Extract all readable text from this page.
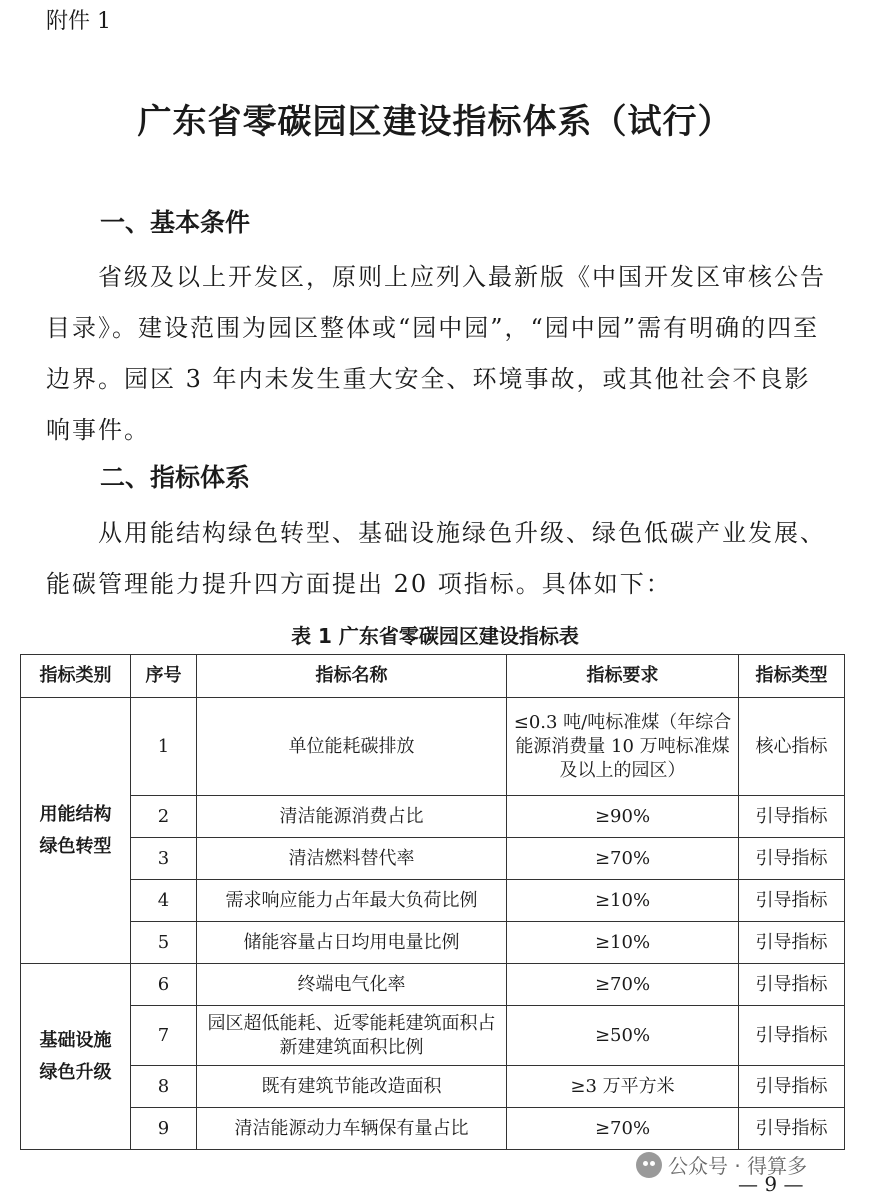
附件 1
广东省零碳园区建设指标体系（试行）
一、基本条件

省级及以上开发区，原则上应列入最新版《中国开发区审核公告目录》。建设范围为园区整体或“园中园”，“园中园”需有明确的四至边界。园区 3 年内未发生重大安全、环境事故，或其他社会不良影响事件。

二、指标体系

从用能结构绿色转型、基础设施绿色升级、绿色低碳产业发展、能碳管理能力提升四方面提出 20 项指标。具体如下：

表 1 广东省零碳园区建设指标表
指标类别	序号	指标名称	指标要求	指标类型
用能结构
绿色转型	1	单位能耗碳排放	≤0.3 吨/吨标准煤（年综合能源消费量 10 万吨标准煤及以上的园区）	核心指标
	2	清洁能源消费占比	≥90%	引导指标
	3	清洁燃料替代率	≥70%	引导指标
	4	需求响应能力占年最大负荷比例	≥10%	引导指标
	5	储能容量占日均用电量比例	≥10%	引导指标
基础设施
绿色升级	6	终端电气化率	≥70%	引导指标
	7	园区超低能耗、近零能耗建筑面积占新建建筑面积比例	≥50%	引导指标
	8	既有建筑节能改造面积	≥3 万平方米	引导指标
	9	清洁能源动力车辆保有量占比	≥70%	引导指标
公众号 · 得算多
— 9 —
